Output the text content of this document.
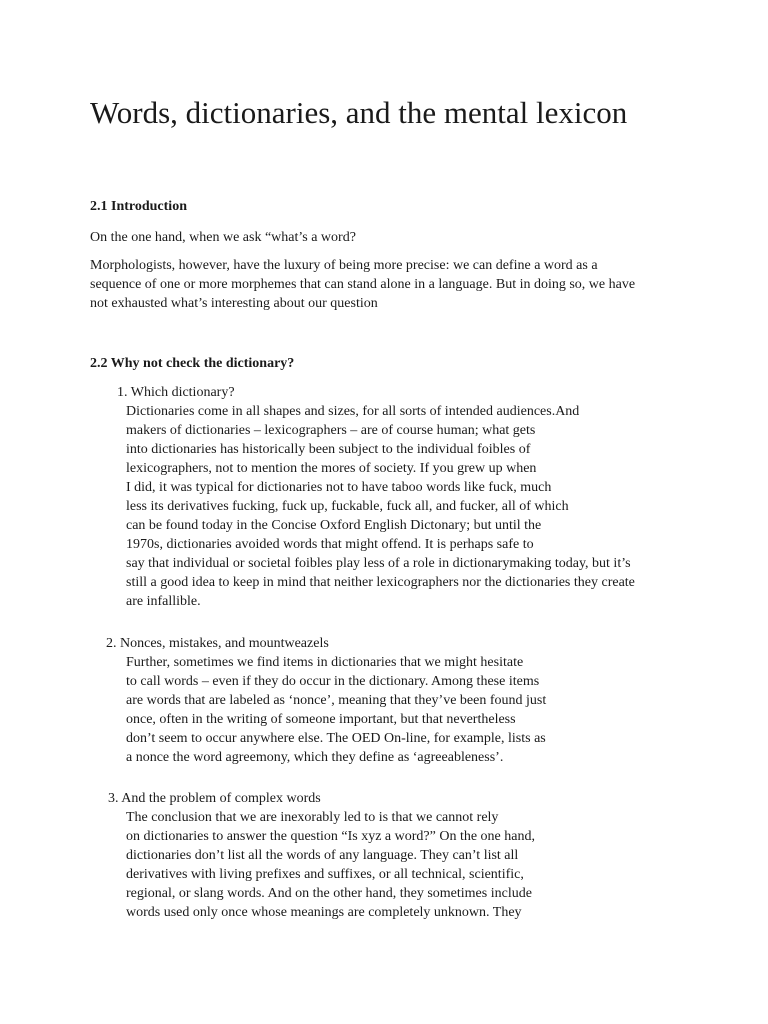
Words, dictionaries, and the mental lexicon
2.1 Introduction

On the one hand, when we ask “what’s a word?

Morphologists, however, have the luxury of being more precise: we can define a word as a
sequence of one or more morphemes that can stand alone in a language. But in doing so, we have
not exhausted what’s interesting about our question

2.2 Why not check the dictionary?
1. Which dictionary?
Dictionaries come in all shapes and sizes, for all sorts of intended audiences.And
makers of dictionaries – lexicographers – are of course human; what gets
into dictionaries has historically been subject to the individual foibles of
lexicographers, not to mention the mores of society. If you grew up when
I did, it was typical for dictionaries not to have taboo words like fuck, much
less its derivatives fucking, fuck up, fuckable, fuck all, and fucker, all of which
can be found today in the Concise Oxford English Dictonary; but until the
1970s, dictionaries avoided words that might offend. It is perhaps safe to
say that individual or societal foibles play less of a role in dictionarymaking today, but it’s
still a good idea to keep in mind that neither lexicographers nor the dictionaries they create
are infallible.
2. Nonces, mistakes, and mountweazels
Further, sometimes we find items in dictionaries that we might hesitate
to call words – even if they do occur in the dictionary. Among these items
are words that are labeled as ‘nonce’, meaning that they’ve been found just
once, often in the writing of someone important, but that nevertheless
don’t seem to occur anywhere else. The OED On-line, for example, lists as
a nonce the word agreemony, which they define as ‘agreeableness’.
3. And the problem of complex words
The conclusion that we are inexorably led to is that we cannot rely
on dictionaries to answer the question “Is xyz a word?” On the one hand,
dictionaries don’t list all the words of any language. They can’t list all
derivatives with living prefixes and suffixes, or all technical, scientific,
regional, or slang words. And on the other hand, they sometimes include
words used only once whose meanings are completely unknown. They
